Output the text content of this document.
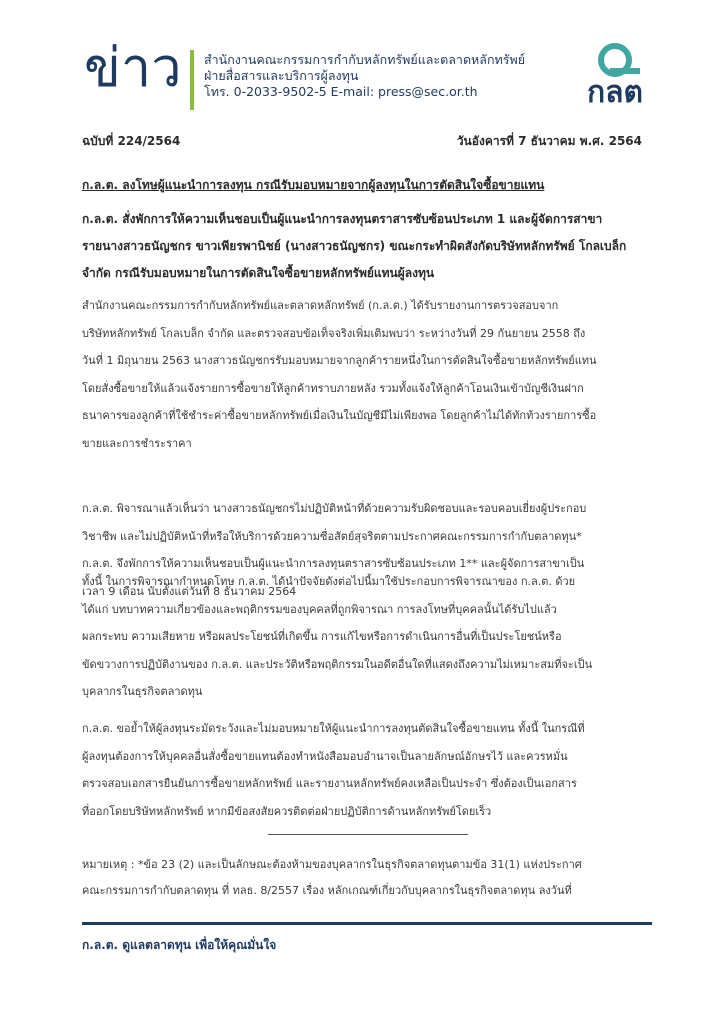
ข่าว สำนักงานคณะกรรมการกำกับหลักทรัพย์และตลาดหลักทรัพย์
ฝ่ายสื่อสารและบริการผู้ลงทุน
โทร. 0-2033-9502-5 E-mail: press@sec.or.th	กลต
ฉบับที่ 224/2564	วันอังคารที่ 7 ธันวาคม พ.ศ. 2564
ก.ล.ต. ลงโทษผู้แนะนำการลงทุน กรณีรับมอบหมายจากผู้ลงทุนในการตัดสินใจซื้อขายแทน
ก.ล.ต. สั่งพักการให้ความเห็นชอบเป็นผู้แนะนำการลงทุนตราสารซับซ้อนประเภท 1 และผู้จัดการสาขา
รายนางสาวธนัญชกร ขาวเพียรพานิชย์ (นางสาวธนัญชกร) ขณะกระทำผิดสังกัดบริษัทหลักทรัพย์ โกลเบล็ก
จำกัด กรณีรับมอบหมายในการตัดสินใจซื้อขายหลักทรัพย์แทนผู้ลงทุน
สำนักงานคณะกรรมการกำกับหลักทรัพย์และตลาดหลักทรัพย์ (ก.ล.ต.) ได้รับรายงานการตรวจสอบจาก
บริษัทหลักทรัพย์ โกลเบล็ก จำกัด และตรวจสอบข้อเท็จจริงเพิ่มเติมพบว่า ระหว่างวันที่ 29 กันยายน 2558 ถึง
วันที่ 1 มิถุนายน 2563 นางสาวธนัญชกรรับมอบหมายจากลูกค้ารายหนึ่งในการตัดสินใจซื้อขายหลักทรัพย์แทน
โดยสั่งซื้อขายให้แล้วแจ้งรายการซื้อขายให้ลูกค้าทราบภายหลัง รวมทั้งแจ้งให้ลูกค้าโอนเงินเข้าบัญชีเงินฝาก
ธนาคารของลูกค้าที่ใช้ชำระค่าซื้อขายหลักทรัพย์เมื่อเงินในบัญชีมีไม่เพียงพอ โดยลูกค้าไม่ได้ทักท้วงรายการซื้อ
ขายและการชำระราคา
ก.ล.ต. พิจารณาแล้วเห็นว่า นางสาวธนัญชกรไม่ปฏิบัติหน้าที่ด้วยความรับผิดชอบและรอบคอบเยี่ยงผู้ประกอบ
วิชาชีพ และไม่ปฏิบัติหน้าที่หรือให้บริการด้วยความซื่อสัตย์สุจริตตามประกาศคณะกรรมการกำกับตลาดทุน*
ก.ล.ต. จึงพักการให้ความเห็นชอบเป็นผู้แนะนำการลงทุนตราสารซับซ้อนประเภท 1** และผู้จัดการสาขาเป็น
เวลา 9 เดือน นับตั้งแต่วันที่ 8 ธันวาคม 2564
ทั้งนี้ ในการพิจารณากำหนดโทษ ก.ล.ต. ได้นำปัจจัยดังต่อไปนี้มาใช้ประกอบการพิจารณาของ ก.ล.ต. ด้วย
ได้แก่ บทบาทความเกี่ยวข้องและพฤติกรรมของบุคคลที่ถูกพิจารณา การลงโทษที่บุคคลนั้นได้รับไปแล้ว
ผลกระทบ ความเสียหาย หรือผลประโยชน์ที่เกิดขึ้น การแก้ไขหรือการดำเนินการอื่นที่เป็นประโยชน์หรือ
ขัดขวางการปฏิบัติงานของ ก.ล.ต. และประวัติหรือพฤติกรรมในอดีตอื่นใดที่แสดงถึงความไม่เหมาะสมที่จะเป็น
บุคลากรในธุรกิจตลาดทุน
ก.ล.ต. ขอย้ำให้ผู้ลงทุนระมัดระวังและไม่มอบหมายให้ผู้แนะนำการลงทุนตัดสินใจซื้อขายแทน ทั้งนี้ ในกรณีที่
ผู้ลงทุนต้องการให้บุคคลอื่นสั่งซื้อขายแทนต้องทำหนังสือมอบอำนาจเป็นลายลักษณ์อักษรไว้ และควรหมั่น
ตรวจสอบเอกสารยืนยันการซื้อขายหลักทรัพย์ และรายงานหลักทรัพย์คงเหลือเป็นประจำ ซึ่งต้องเป็นเอกสาร
ที่ออกโดยบริษัทหลักทรัพย์ หากมีข้อสงสัยควรติดต่อฝ่ายปฏิบัติการด้านหลักทรัพย์โดยเร็ว
หมายเหตุ : *ข้อ 23 (2) และเป็นลักษณะต้องห้ามของบุคลากรในธุรกิจตลาดทุนตามข้อ 31(1) แห่งประกาศ
คณะกรรมการกำกับตลาดทุน ที่ ทลธ. 8/2557 เรื่อง หลักเกณฑ์เกี่ยวกับบุคลากรในธุรกิจตลาดทุน ลงวันที่
ก.ล.ต. ดูแลตลาดทุน เพื่อให้คุณมั่นใจ
